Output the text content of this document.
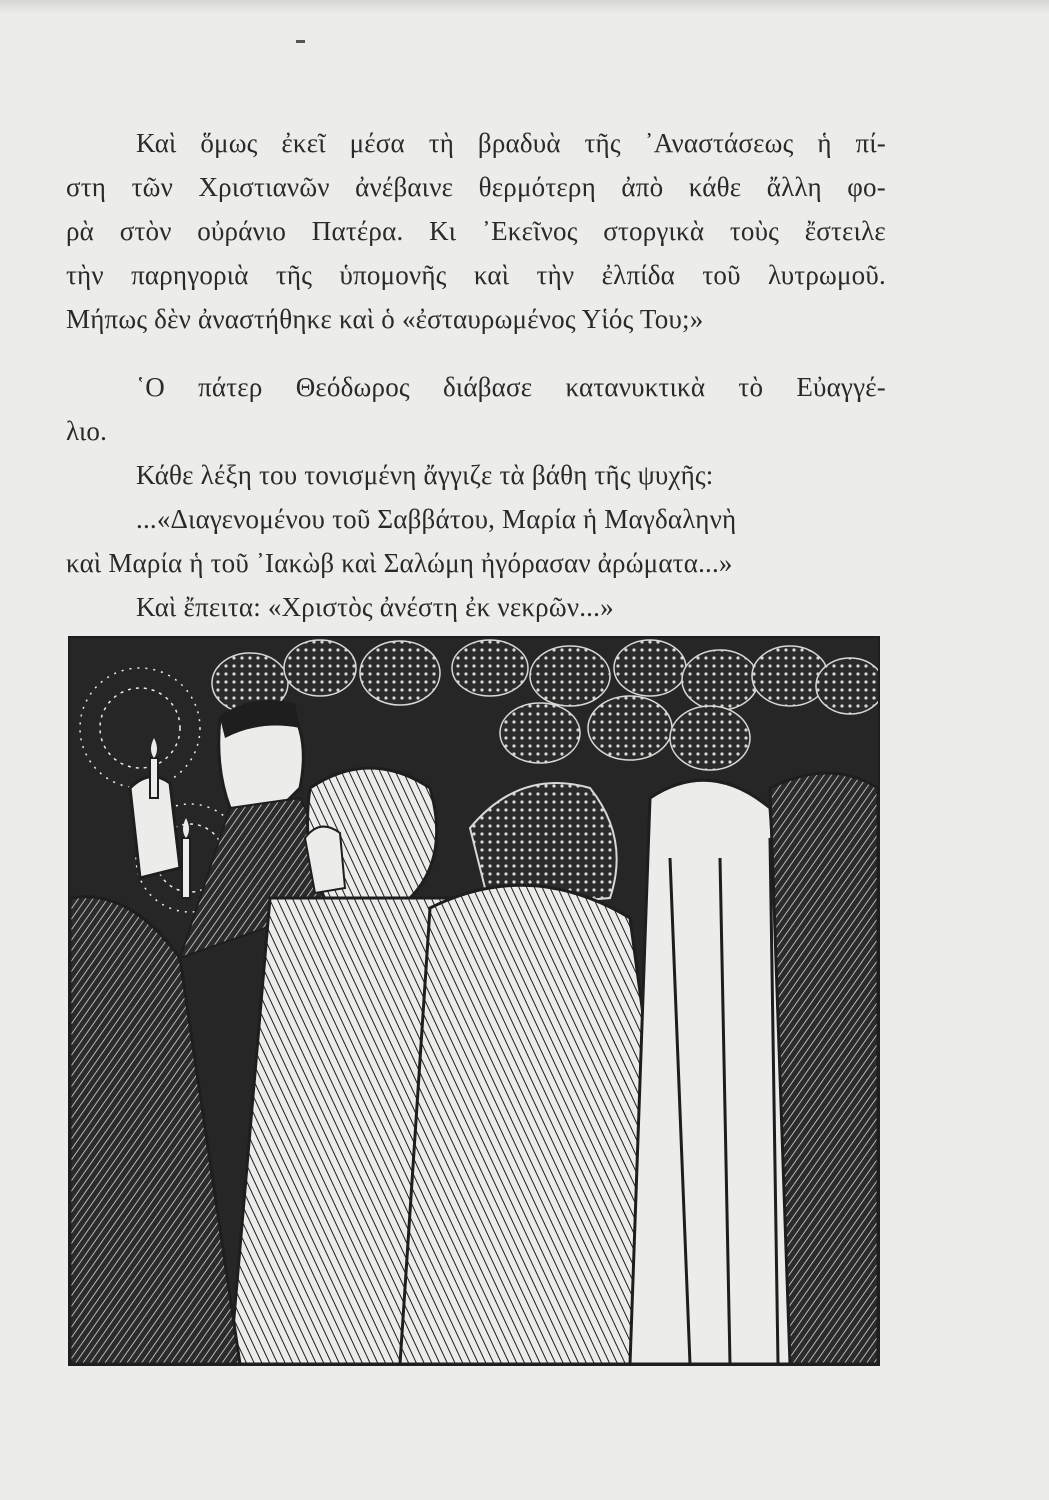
Καὶ ὅμως ἐκεῖ μέσα τὴ βραδυὰ τῆς ᾿Αναστάσεως ἡ πί-
στη τῶν Χριστιανῶν ἀνέβαινε θερμότερη ἀπὸ κάθε ἄλλη φο-
ρὰ στὸν οὐράνιο Πατέρα. Κι ᾿Εκεῖνος στοργικὰ τοὺς ἔστειλε
τὴν παρηγοριὰ τῆς ὑπομονῆς καὶ τὴν ἐλπίδα τοῦ λυτρωμοῦ.
Μήπως δὲν ἀναστήθηκε καὶ ὁ «ἐσταυρωμένος Υἱός Του;»
῾Ο πάτερ Θεόδωρος διάβασε κατανυκτικὰ τὸ Εὐαγγέ-
λιο.
Κάθε λέξη του τονισμένη ἄγγιζε τὰ βάθη τῆς ψυχῆς:
...«Διαγενομένου τοῦ Σαββάτου, Μαρία ἡ Μαγδαληνὴ
καὶ Μαρία ἡ τοῦ ᾿Ιακὼβ καὶ Σαλώμη ἠγόρασαν ἀρώματα...»
Καὶ ἔπειτα: «Χριστὸς ἀνέστη ἐκ νεκρῶν...»
